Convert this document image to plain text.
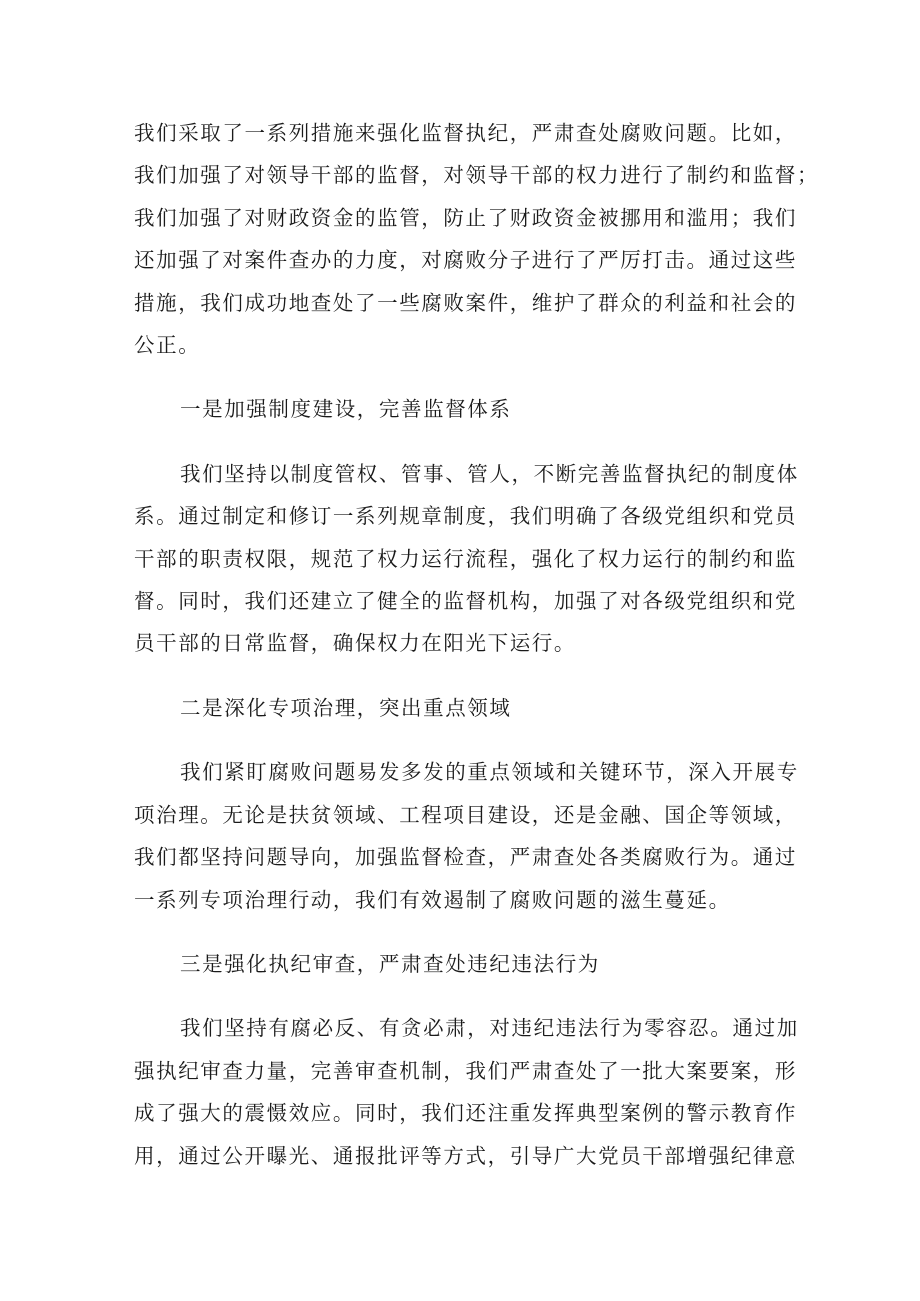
我们采取了一系列措施来强化监督执纪，严肃查处腐败问题。比如，
我们加强了对领导干部的监督，对领导干部的权力进行了制约和监督；
我们加强了对财政资金的监管，防止了财政资金被挪用和滥用；我们
还加强了对案件查办的力度，对腐败分子进行了严厉打击。通过这些
措施，我们成功地查处了一些腐败案件，维护了群众的利益和社会的
公正。

一是加强制度建设，完善监督体系

我们坚持以制度管权、管事、管人，不断完善监督执纪的制度体
系。通过制定和修订一系列规章制度，我们明确了各级党组织和党员
干部的职责权限，规范了权力运行流程，强化了权力运行的制约和监
督。同时，我们还建立了健全的监督机构，加强了对各级党组织和党
员干部的日常监督，确保权力在阳光下运行。

二是深化专项治理，突出重点领域

我们紧盯腐败问题易发多发的重点领域和关键环节，深入开展专
项治理。无论是扶贫领域、工程项目建设，还是金融、国企等领域，
我们都坚持问题导向，加强监督检查，严肃查处各类腐败行为。通过
一系列专项治理行动，我们有效遏制了腐败问题的滋生蔓延。

三是强化执纪审查，严肃查处违纪违法行为

我们坚持有腐必反、有贪必肃，对违纪违法行为零容忍。通过加
强执纪审查力量，完善审查机制，我们严肃查处了一批大案要案，形
成了强大的震慑效应。同时，我们还注重发挥典型案例的警示教育作
用，通过公开曝光、通报批评等方式，引导广大党员干部增强纪律意
